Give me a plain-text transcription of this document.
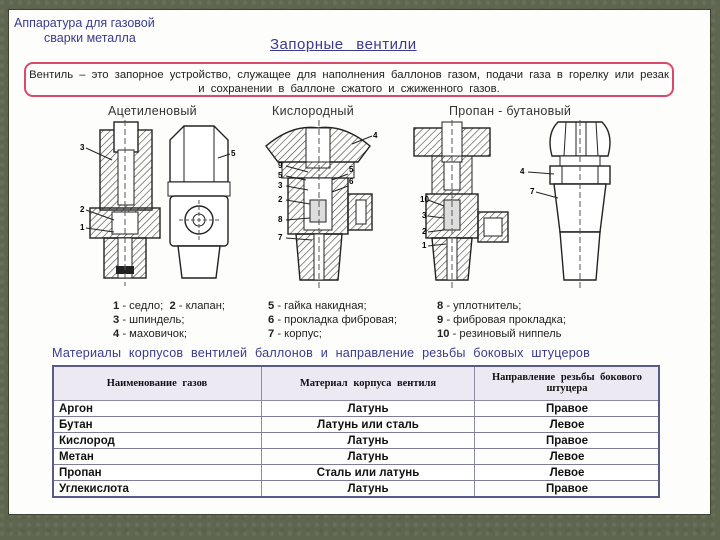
Аппаратура для газовой
сварки металла	Запорные вентили
Вентиль – это запорное устройство, служащее для наполнения баллонов газом, подачи газа в горелку или резак и сохранении в баллоне сжатого и сжиженного газов.
Ацетиленовый	Кислородный	Пропан - бутановый
3
2
1
5
4
9
5
3
5
6
2
8
7
10
3
2
1
4
7
1 - седло; 2 - клапан;
3 - шпиндель;
4 - маховичок;
5 - гайка накидная;
6 - прокладка фибровая;
7 - корпус;
8 - уплотнитель;
9 - фибровая прокладка;
10 - резиновый ниппель
Материалы корпусов вентилей баллонов и направление резьбы боковых штуцеров
Наименование газов	Материал корпуса вентиля	Направление резьбы бокового штуцера
Аргон	Латунь	Правое
Бутан	Латунь или сталь	Левое
Кислород	Латунь	Правое
Метан	Латунь	Левое
Пропан	Сталь или латунь	Левое
Углекислота	Латунь	Правое
